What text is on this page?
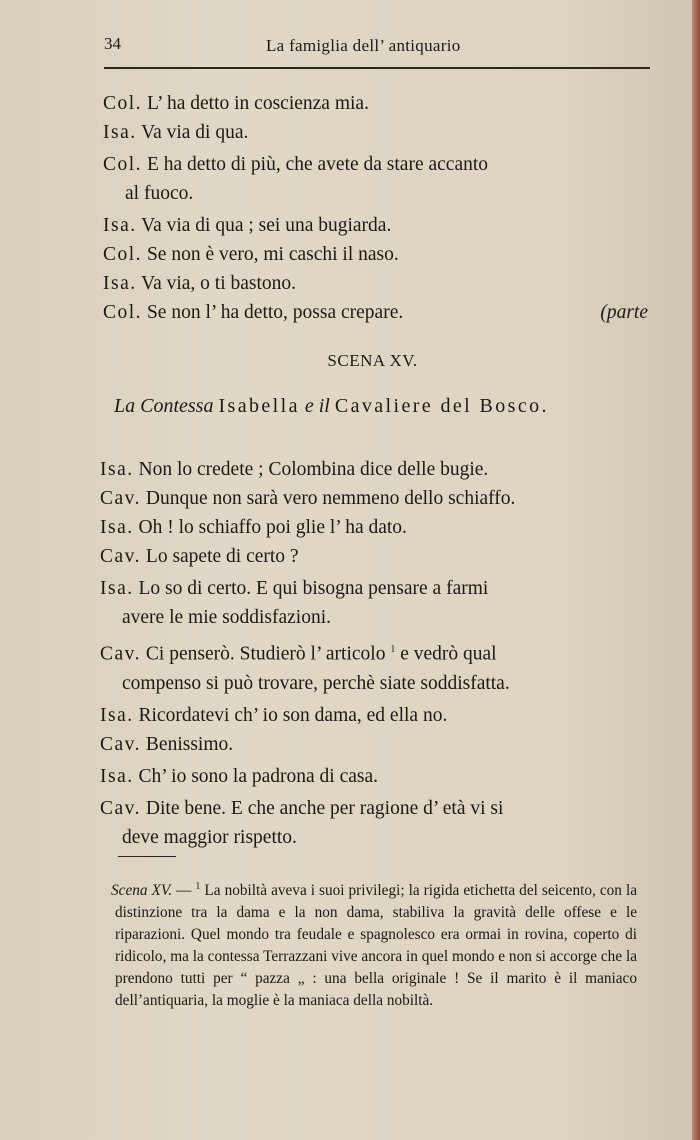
34	La famiglia dell’ antiquario
Col. L’ ha detto in coscienza mia.
Isa. Va via di qua.
Col. E ha detto di più, che avete da stare accanto
al fuoco.
Isa. Va via di qua ; sei una bugiarda.
Col. Se non è vero, mi caschi il naso.
Isa. Va via, o ti bastono.
Col. Se non l’ ha detto, possa crepare.	(parte
SCENA XV.
La Contessa Isabella e il Cavaliere del Bosco.
Isa. Non lo credete ; Colombina dice delle bugie.
Cav. Dunque non sarà vero nemmeno dello schiaffo.
Isa. Oh ! lo schiaffo poi glie l’ ha dato.
Cav. Lo sapete di certo ?
Isa. Lo so di certo. E qui bisogna pensare a farmi
avere le mie soddisfazioni.
Cav. Ci penserò. Studierò l’ articolo $^1$ e vedrò qual
compenso si può trovare, perchè siate soddisfatta.
Isa. Ricordatevi ch’ io son dama, ed ella no.
Cav. Benissimo.
Isa. Ch’ io sono la padrona di casa.
Cav. Dite bene. E che anche per ragione d’ età vi si
deve maggior rispetto.
Scena XV. — $^1$ La nobiltà aveva i suoi privilegi; la rigida etichetta del seicento, con la distinzione tra la dama e la non dama, stabiliva la gravità delle offese e le riparazioni. Quel mondo tra feudale e spagnolesco era ormai in rovina, coperto di ridicolo, ma la contessa Terrazzani vive ancora in quel mondo e non si accorge che la prendono tutti per “ pazza „ : una bella originale ! Se il marito è il maniaco dell’antiquaria, la moglie è la maniaca della nobiltà.
